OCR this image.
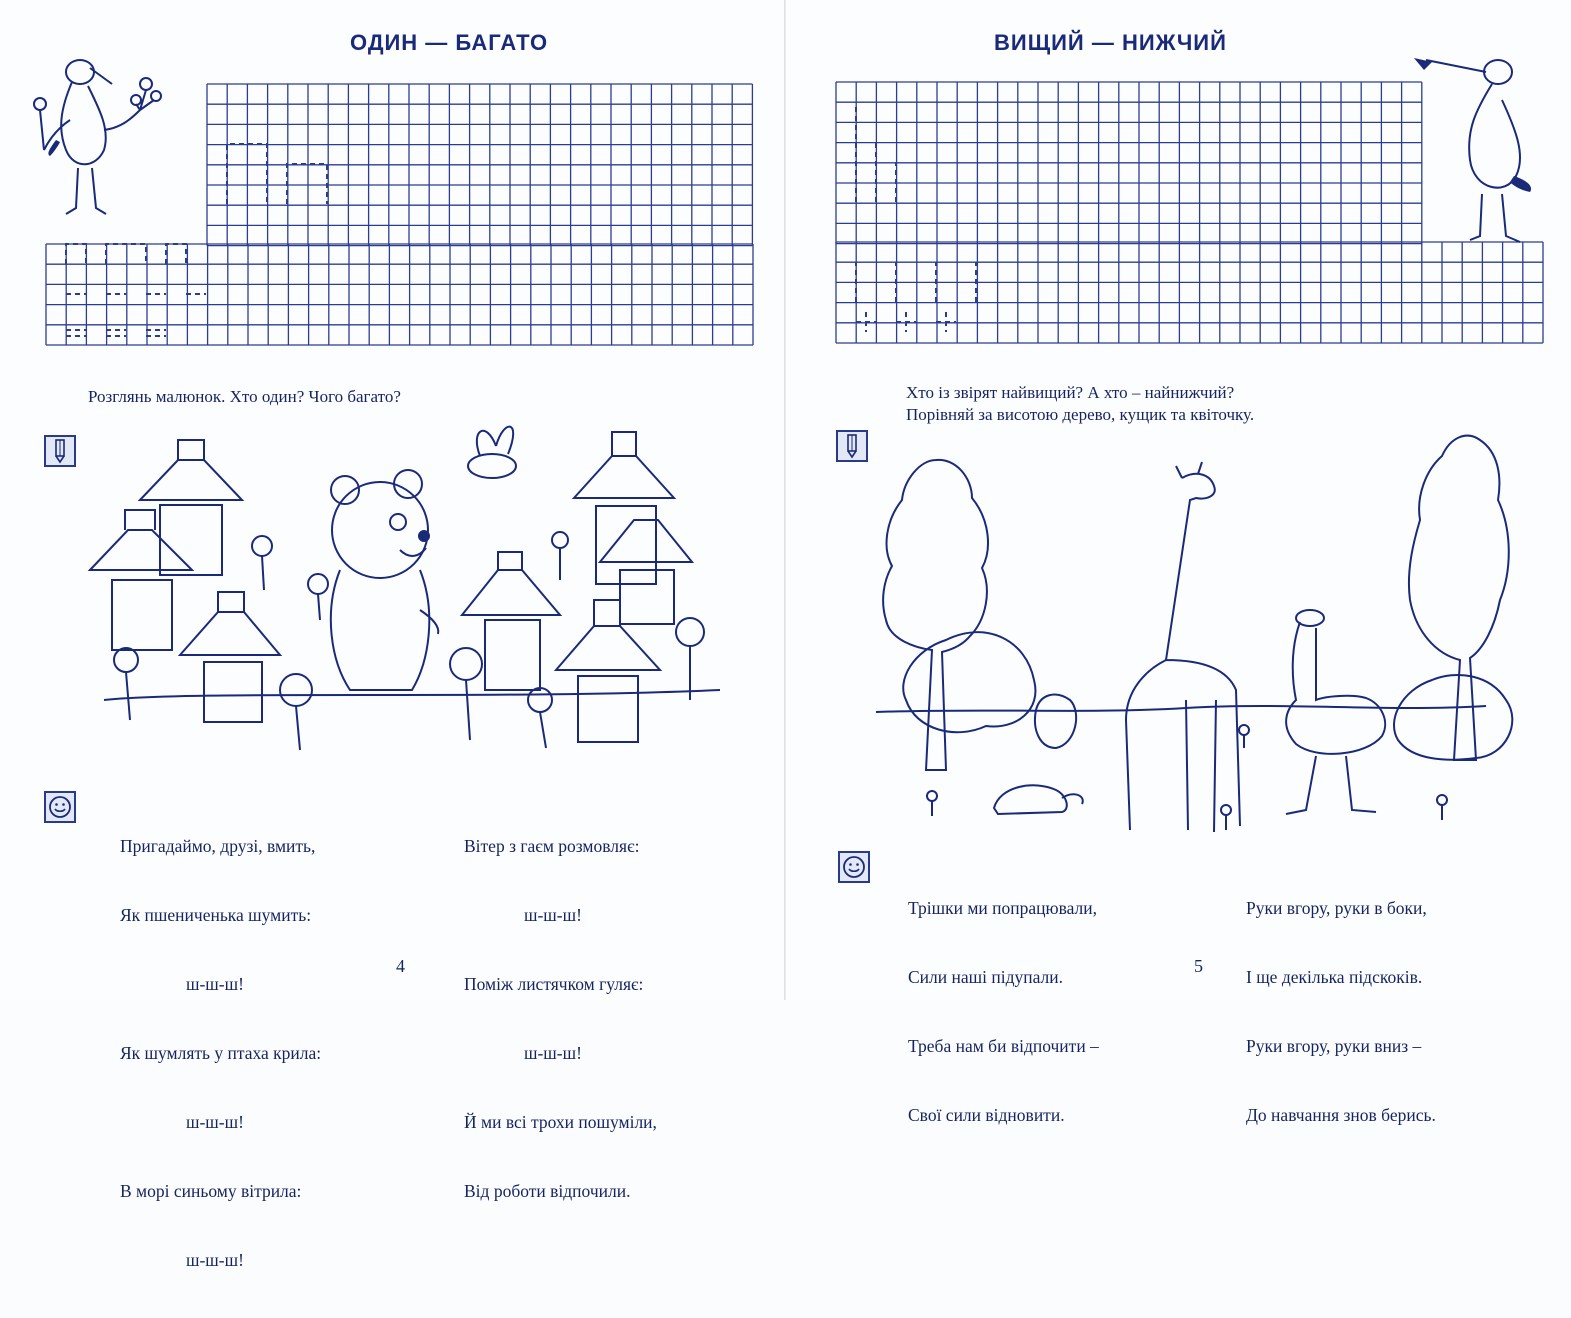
ОДИН — БАГАТО
Розглянь малюнок. Хто один? Чого багато?

Пригадаймо, друзі, вмить,

Як пшениченька шумить:

ш-ш-ш!

Як шумлять у птаха крила:

ш-ш-ш!

В морі синьому вітрила:

ш-ш-ш!

Вітер з гаєм розмовляє:

ш-ш-ш!

Поміж листячком гуляє:

ш-ш-ш!

Й ми всі трохи пошуміли,

Від роботи відпочили.

4
ВИЩИЙ — НИЖЧИЙ
Хто із звірят найвищий? А хто – найнижчий?
Порівняй за висотою дерево, кущик та квіточку.

Трішки ми попрацювали,

Сили наші підупали.

Треба нам би відпочити –

Свої сили відновити.

Руки вгору, руки в боки,

І ще декілька підскоків.

Руки вгору, руки вниз –

До навчання знов берись.

5
